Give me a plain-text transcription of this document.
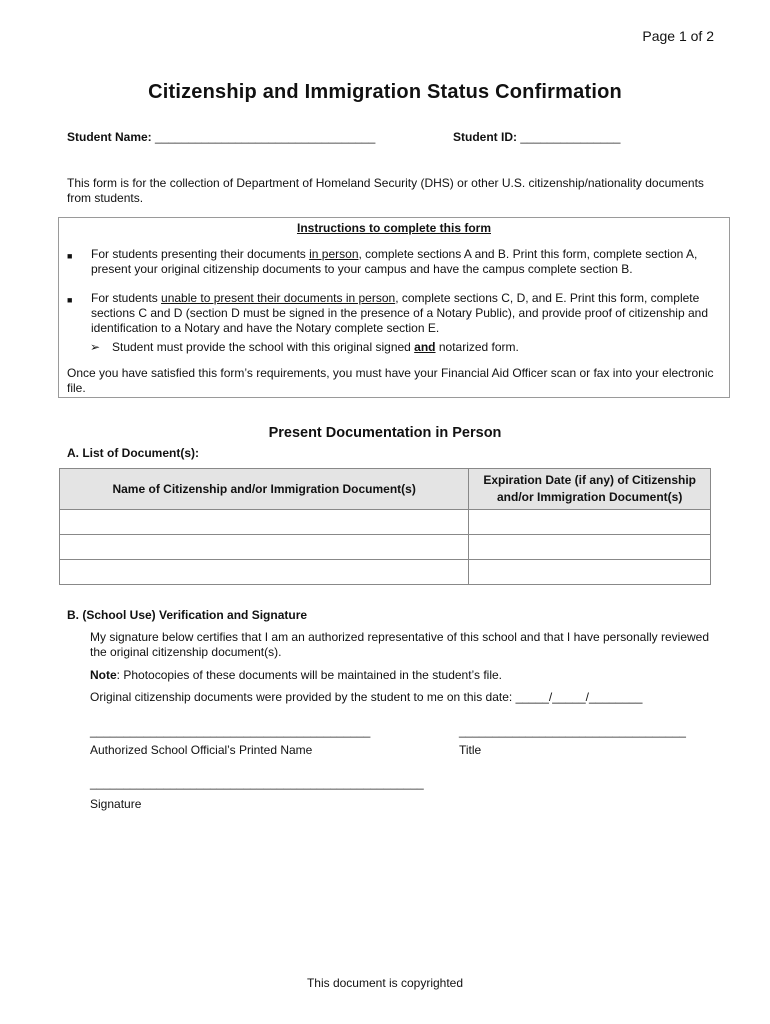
Page 1 of 2
Citizenship and Immigration Status Confirmation
Student Name: _________________________________	Student ID: _______________
This form is for the collection of Department of Homeland Security (DHS) or other U.S. citizenship/nationality documents from students.
Instructions to complete this form
■	For students presenting their documents in person, complete sections A and B. Print this form, complete section A, present your original citizenship documents to your campus and have the campus complete section B.
■	For students unable to present their documents in person, complete sections C, D, and E. Print this form, complete sections C and D (section D must be signed in the presence of a Notary Public), and provide proof of citizenship and identification to a Notary and have the Notary complete section E.
➢ Student must provide the school with this original signed and notarized form.
Once you have satisfied this form’s requirements, you must have your Financial Aid Officer scan or fax into your electronic file.
Present Documentation in Person
A. List of Document(s):
Name of Citizenship and/or Immigration Document(s)	Expiration Date (if any) of Citizenship and/or Immigration Document(s)

B. (School Use) Verification and Signature
My signature below certifies that I am an authorized representative of this school and that I have personally reviewed the original citizenship document(s).
Note: Photocopies of these documents will be maintained in the student’s file.
Original citizenship documents were provided by the student to me on this date: _____/_____/________
__________________________________________	__________________________________
Authorized School Official’s Printed Name	Title
__________________________________________________
Signature
This document is copyrighted
